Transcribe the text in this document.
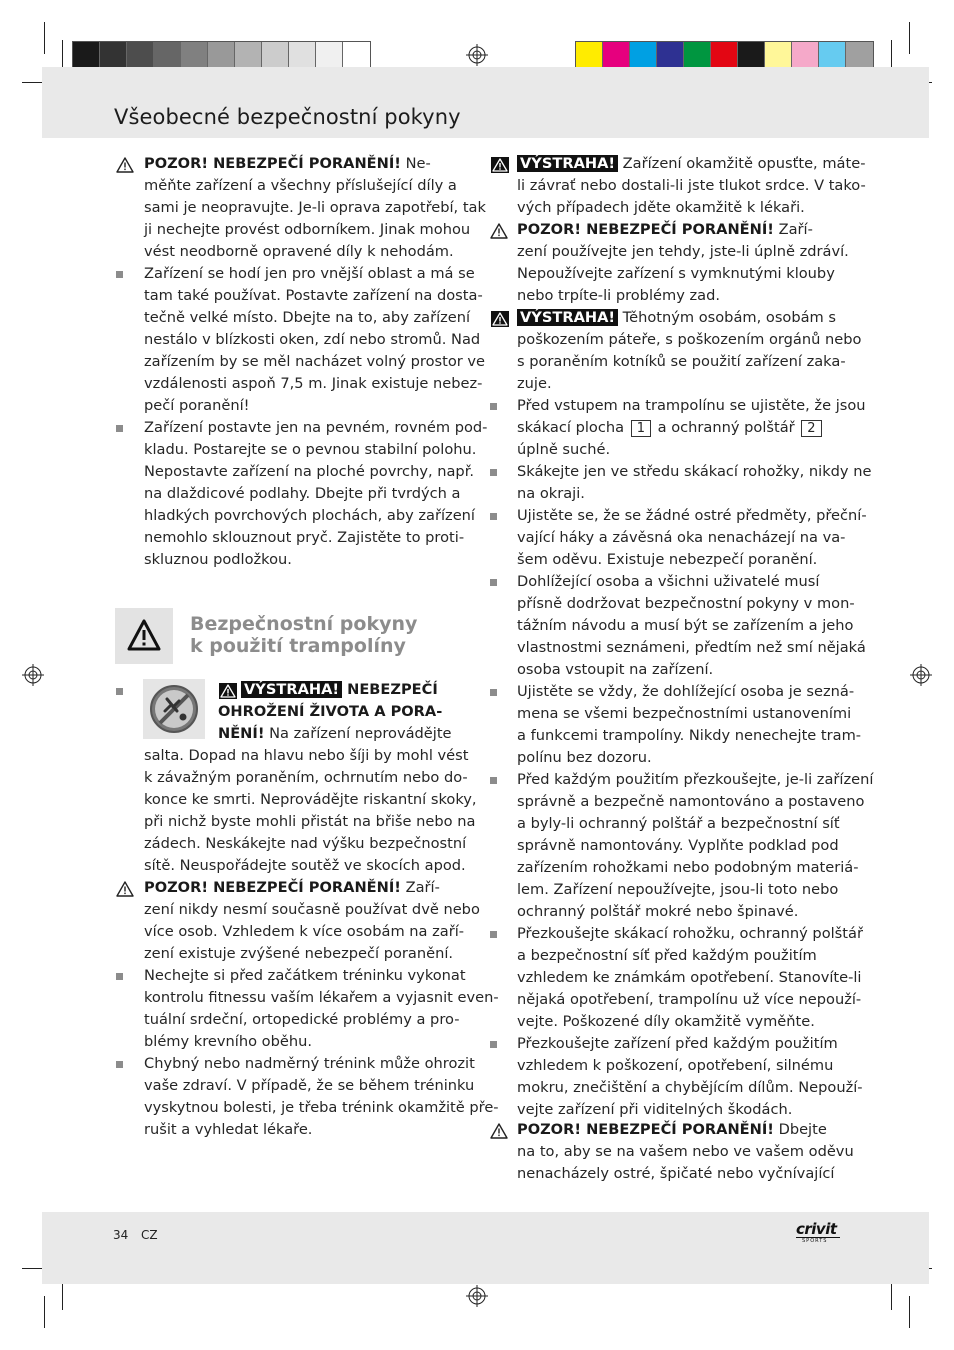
Všeobecné bezpečnostní pokyny
POZOR! NEBEZPEČÍ PORANĚNÍ! Ne-
měňte zařízení a všechny příslušející díly a
sami je neopravujte. Je-li oprava zapotřebí, tak
ji nechejte provést odborníkem. Jinak mohou
vést neodborně opravené díly k nehodám.
Zařízení se hodí jen pro vnější oblast a má se
tam také používat. Postavte zařízení na dosta-
tečně velké místo. Dbejte na to, aby zařízení
nestálo v blízkosti oken, zdí nebo stromů. Nad
zařízením by se měl nacházet volný prostor ve
vzdálenosti aspoň 7,5 m. Jinak existuje nebez-
pečí poranění!
Zařízení postavte jen na pevném, rovném pod-
kladu. Postarejte se o pevnou stabilní polohu.
Nepostavte zařízení na ploché povrchy, např.
na dlaždicové podlahy. Dbejte při tvrdých a
hladkých povrchových plochách, aby zařízení
nemohlo sklouznout pryč. Zajistěte to proti-
skluznou podložkou.
Bezpečnostní pokyny
k použití trampolíny
VÝSTRAHA! NEBEZPEČÍ
OHROŽENÍ ŽIVOTA A PORA-
NĚNÍ! Na zařízení neprovádějte
salta. Dopad na hlavu nebo šíji by mohl vést
k závažným poraněním, ochrnutím nebo do-
konce ke smrti. Neprovádějte riskantní skoky,
při nichž byste mohli přistát na břiše nebo na
zádech. Neskákejte nad výšku bezpečnostní
sítě. Neuspořádejte soutěž ve skocích apod.
POZOR! NEBEZPEČÍ PORANĚNÍ! Zaří-
zení nikdy nesmí současně používat dvě nebo
více osob. Vzhledem k více osobám na zaří-
zení existuje zvýšené nebezpečí poranění.
Nechejte si před začátkem tréninku vykonat
kontrolu fitnessu vaším lékařem a vyjasnit even-
tuální srdeční, ortopedické problémy a pro-
blémy krevního oběhu.
Chybný nebo nadměrný trénink může ohrozit
vaše zdraví. V případě, že se během tréninku
vyskytnou bolesti, je třeba trénink okamžitě pře-
rušit a vyhledat lékaře.
VÝSTRAHA! Zařízení okamžitě opusťte, máte-
li závrať nebo dostali-li jste tlukot srdce. V tako-
vých případech jděte okamžitě k lékaři.
POZOR! NEBEZPEČÍ PORANĚNÍ! Zaří-
zení používejte jen tehdy, jste-li úplně zdráví.
Nepoužívejte zařízení s vymknutými klouby
nebo trpíte-li problémy zad.
VÝSTRAHA! Těhotným osobám, osobám s
poškozením páteře, s poškozením orgánů nebo
s poraněním kotníků se použití zařízení zaka-
zuje.
Před vstupem na trampolínu se ujistěte, že jsou
skákací plocha 1 a ochranný polštář 2
úplně suché.
Skákejte jen ve středu skákací rohožky, nikdy ne
na okraji.
Ujistěte se, že se žádné ostré předměty, přeční-
vající háky a závěsná oka nenacházejí na va-
šem oděvu. Existuje nebezpečí poranění.
Dohlížející osoba a všichni uživatelé musí
přísně dodržovat bezpečnostní pokyny v mon-
tážním návodu a musí být se zařízením a jeho
vlastnostmi seznámeni, předtím než smí nějaká
osoba vstoupit na zařízení.
Ujistěte se vždy, že dohlížející osoba je sezná-
mena se všemi bezpečnostními ustanoveními
a funkcemi trampolíny. Nikdy nenechejte tram-
polínu bez dozoru.
Před každým použitím přezkoušejte, je-li zařízení
správně a bezpečně namontováno a postaveno
a byly-li ochranný polštář a bezpečnostní síť
správně namontovány. Vyplňte podklad pod
zařízením rohožkami nebo podobným materiá-
lem. Zařízení nepoužívejte, jsou-li toto nebo
ochranný polštář mokré nebo špinavé.
Přezkoušejte skákací rohožku, ochranný polštář
a bezpečnostní síť před každým použitím
vzhledem ke známkám opotřebení. Stanovíte-li
nějaká opotřebení, trampolínu už více nepouží-
vejte. Poškozené díly okamžitě vyměňte.
Přezkoušejte zařízení před každým použitím
vzhledem k poškození, opotřebení, silnému
mokru, znečištění a chybějícím dílům. Nepouží-
vejte zařízení při viditelných škodách.
POZOR! NEBEZPEČÍ PORANĚNÍ! Dbejte
na to, aby se na vašem nebo ve vašem oděvu
nenacházely ostré, špičaté nebo vyčnívající
34 CZ	crivit
SPORTS
